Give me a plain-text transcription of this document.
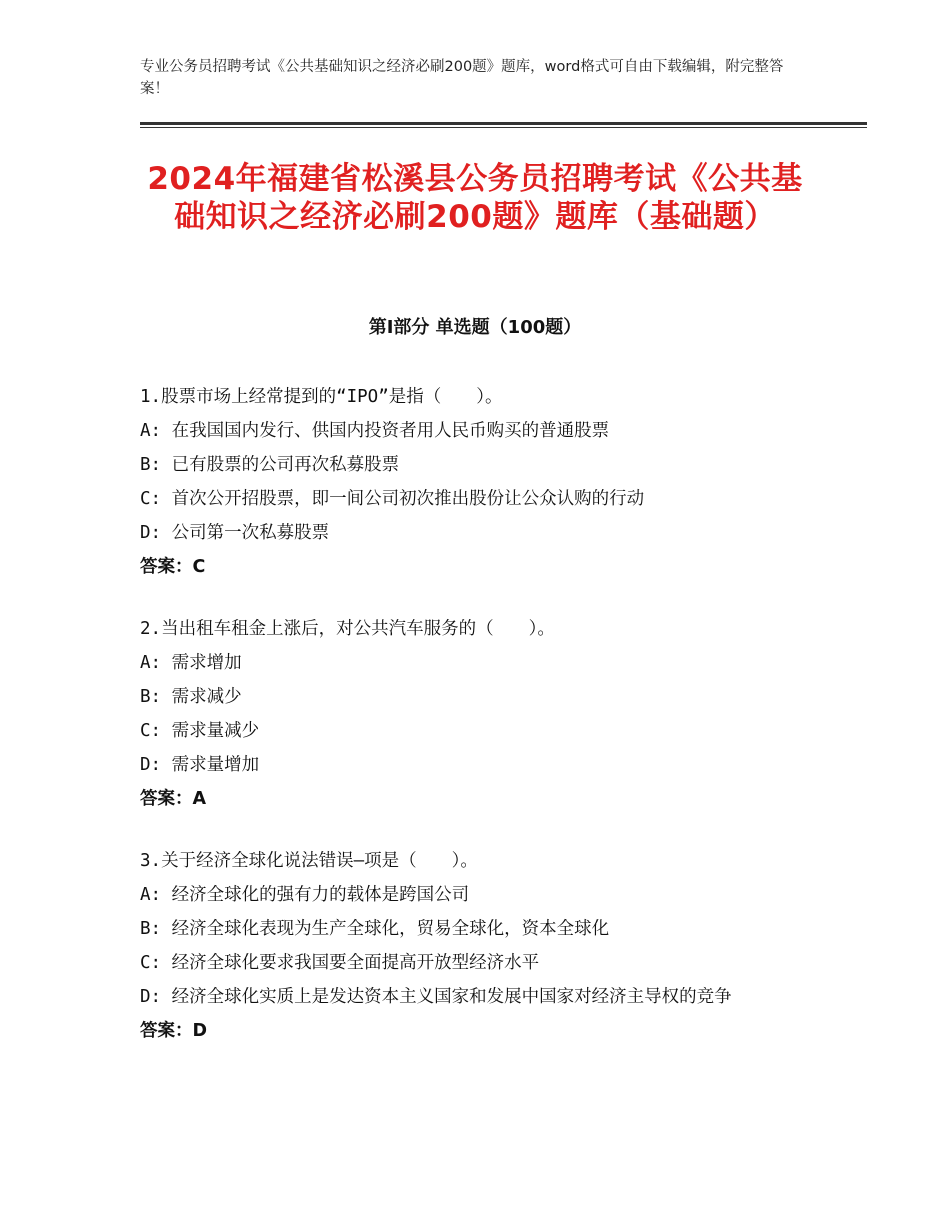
专业公务员招聘考试《公共基础知识之经济必刷200题》题库，word格式可自由下载编辑，附完整答案！
2024年福建省松溪县公务员招聘考试《公共基础知识之经济必刷200题》题库（基础题）
第Ⅰ部分 单选题（100题）
1.股票市场上经常提到的“IPO”是指（　　）。
A: 在我国国内发行、供国内投资者用人民币购买的普通股票
B: 已有股票的公司再次私募股票
C: 首次公开招股票，即一间公司初次推出股份让公众认购的行动
D: 公司第一次私募股票
答案：C
2.当出租车租金上涨后，对公共汽车服务的（　　）。
A: 需求增加
B: 需求减少
C: 需求量减少
D: 需求量增加
答案：A
3.关于经济全球化说法错误—项是（　　）。
A: 经济全球化的强有力的载体是跨国公司
B: 经济全球化表现为生产全球化，贸易全球化，资本全球化
C: 经济全球化要求我国要全面提高开放型经济水平
D: 经济全球化实质上是发达资本主义国家和发展中国家对经济主导权的竞争
答案：D
